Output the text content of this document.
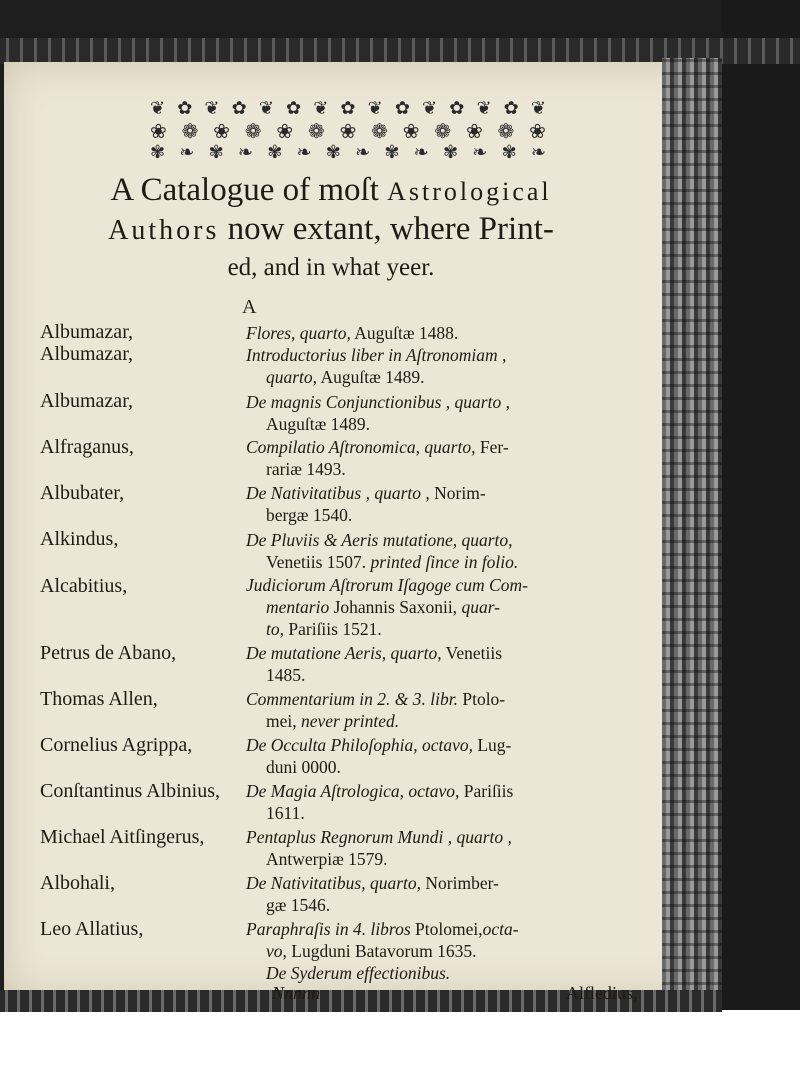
❦ ✿ ❦ ✿ ❦ ✿ ❦ ✿ ❦ ✿ ❦ ✿ ❦ ✿ ❦
❀ ❁ ❀ ❁ ❀ ❁ ❀ ❁ ❀ ❁ ❀ ❁ ❀
✾ ❧ ✾ ❧ ✾ ❧ ✾ ❧ ✾ ❧ ✾ ❧ ✾ ❧
A Catalogue of moſt Astrological
Authors now extant, where Print-
ed, and in what yeer.
A
Albumazar,	Flores, quarto, Auguſtæ 1488.
Albumazar,	Introductorius liber in Aſtronomiam ,
quarto, Auguſtæ 1489.
Albumazar,	De magnis Conjunctionibus , quarto ,
Auguſtæ 1489.
Alfraganus,	Compilatio Aſtronomica, quarto, Fer-
rariæ 1493.
Albubater,	De Nativitatibus , quarto , Norim-
bergæ 1540.
Alkindus,	De Pluviis & Aeris mutatione, quarto,
Venetiis 1507. printed ſince in folio.
Alcabitius,	Judiciorum Aſtrorum Iſagoge cum Com-
mentario Johannis Saxonii, quar-
to, Pariſiis 1521.
Petrus de Abano,	De mutatione Aeris, quarto, Venetiis
1485.
Thomas Allen,	Commentarium in 2. & 3. libr. Ptolo-
mei, never printed.
Cornelius Agrippa,	De Occulta Philoſophia, octavo, Lug-
duni 0000.
Conſtantinus Albinius, De Magia Aſtrologica, octavo, Pariſiis
1611.
Michael Aitſingerus, Pentaplus Regnorum Mundi , quarto ,
Antwerpiæ 1579.
Albohali,	De Nativitatibus, quarto, Norimber-
gæ 1546.
Leo Allatius,	Paraphraſis in 4. libros Ptolomei,octa-
vo, Lugduni Batavorum 1635.
De Syderum effectionibus.
Nnnnn	Alfledius,
